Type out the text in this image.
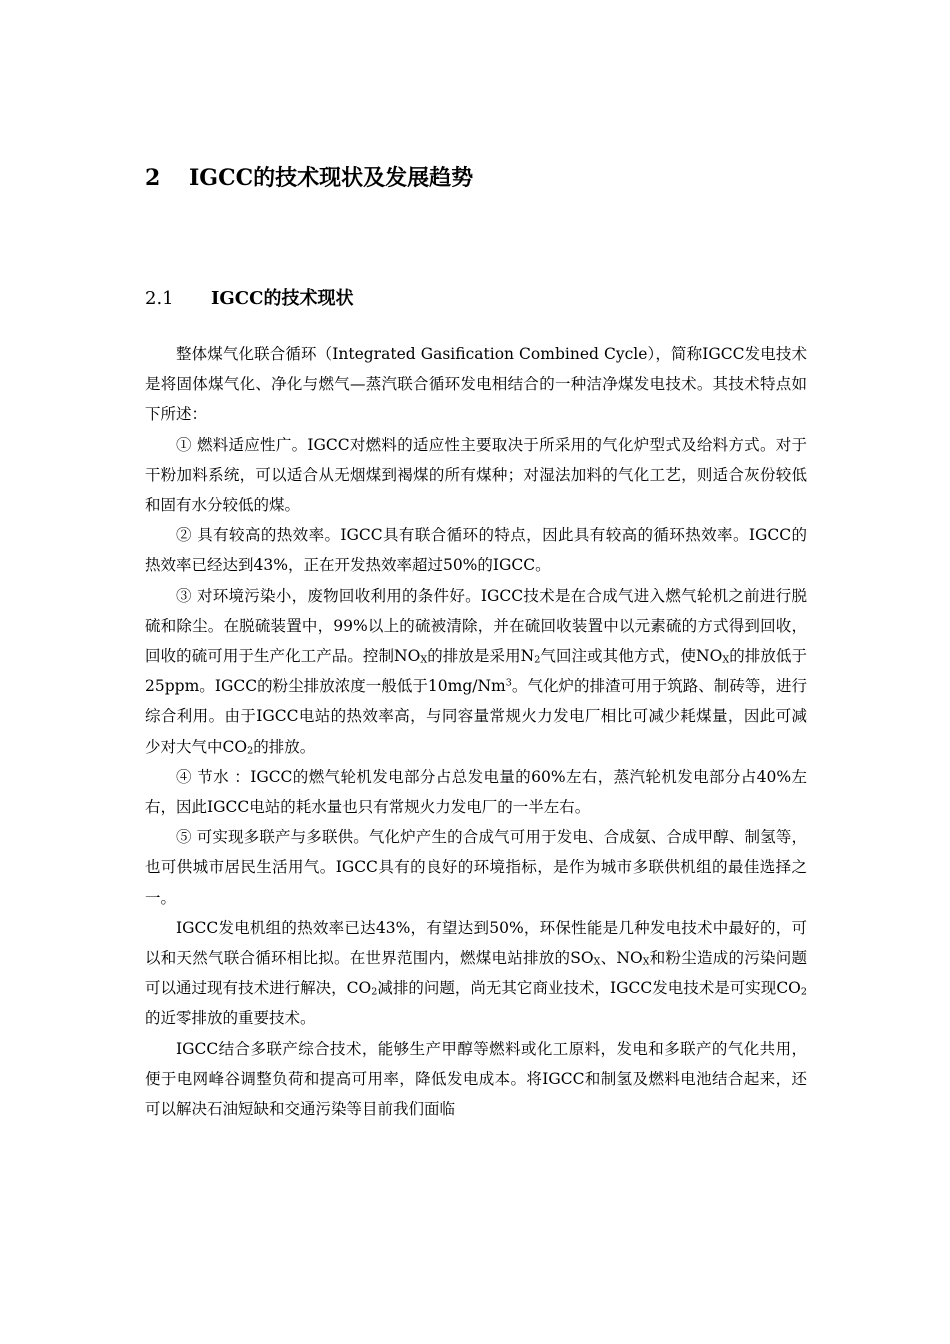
2 IGCC的技术现状及发展趋势
2.1 IGCC的技术现状

整体煤气化联合循环（Integrated Gasification Combined Cycle），简称IGCC发电技术是将固体煤气化、净化与燃气—蒸汽联合循环发电相结合的一种洁净煤发电技术。其技术特点如下所述：

① 燃料适应性广。IGCC对燃料的适应性主要取决于所采用的气化炉型式及给料方式。对于干粉加料系统，可以适合从无烟煤到褐煤的所有煤种；对湿法加料的气化工艺，则适合灰份较低和固有水分较低的煤。

② 具有较高的热效率。IGCC具有联合循环的特点，因此具有较高的循环热效率。IGCC的热效率已经达到43%，正在开发热效率超过50%的IGCC。

③ 对环境污染小，废物回收利用的条件好。IGCC技术是在合成气进入燃气轮机之前进行脱硫和除尘。在脱硫装置中，99%以上的硫被清除，并在硫回收装置中以元素硫的方式得到回收，回收的硫可用于生产化工产品。控制$NO_X$的排放是采用$N_2$气回注或其他方式，使$NO_X$的排放低于25ppm。IGCC的粉尘排放浓度一般低于10mg/Nm$^3$。气化炉的排渣可用于筑路、制砖等，进行综合利用。由于IGCC电站的热效率高，与同容量常规火力发电厂相比可减少耗煤量，因此可减少对大气中$CO_2$的排放。

④ 节水 ：IGCC的燃气轮机发电部分占总发电量的60%左右，蒸汽轮机发电部分占40%左右，因此IGCC电站的耗水量也只有常规火力发电厂的一半左右。

⑤ 可实现多联产与多联供。气化炉产生的合成气可用于发电、合成氨、合成甲醇、制氢等，也可供城市居民生活用气。IGCC具有的良好的环境指标，是作为城市多联供机组的最佳选择之一。

IGCC发电机组的热效率已达43%，有望达到50%，环保性能是几种发电技术中最好的，可以和天然气联合循环相比拟。在世界范围内，燃煤电站排放的$SO_X$、$NO_X$和粉尘造成的污染问题可以通过现有技术进行解决，$CO_2$减排的问题，尚无其它商业技术，IGCC发电技术是可实现$CO_2$的近零排放的重要技术。

IGCC结合多联产综合技术，能够生产甲醇等燃料或化工原料，发电和多联产的气化共用，便于电网峰谷调整负荷和提高可用率，降低发电成本。将IGCC和制氢及燃料电池结合起来，还可以解决石油短缺和交通污染等目前我们面临
